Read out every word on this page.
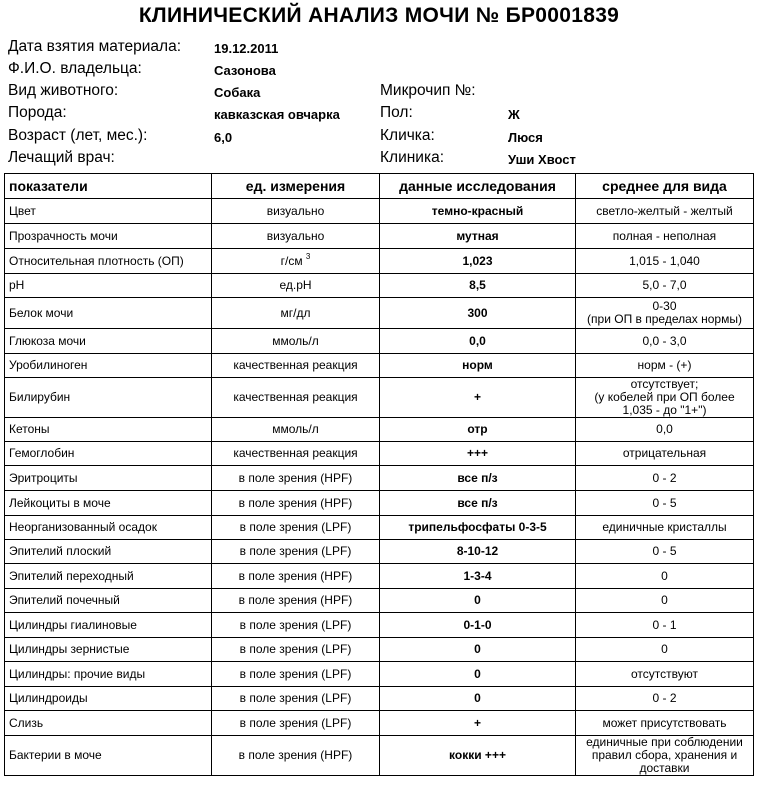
КЛИНИЧЕСКИЙ АНАЛИЗ МОЧИ № БР0001839
Дата взятия материала:	19.12.2011
Ф.И.О. владельца:	Сазонова
Вид животного:	Собака
Порода:	кавказская овчарка
Возраст (лет, мес.):	6,0
Лечащий врач:
Микрочип №:
Пол:	Ж
Кличка:	Люся
Клиника:	Уши Хвост
показатели	ед. измерения	данные исследования	среднее для вида
Цвет	визуально	темно-красный	светло-желтый - желтый
Прозрачность мочи	визуально	мутная	полная - неполная
Относительная плотность (ОП)	г/см $^3$	1,023	1,015 - 1,040
pH	ед.pH	8,5	5,0 - 7,0
Белок мочи	мг/дл	300	0-30
(при ОП в пределах нормы)

Глюкоза мочи	ммоль/л	0,0	0,0 - 3,0
Уробилиноген	качественная реакция	норм	норм - (+)
Билирубин	качественная реакция	+	отсутствует;
(у кобелей при ОП более
1,035 - до "1+")

Кетоны	ммоль/л	отр	0,0
Гемоглобин	качественная реакция	+++	отрицательная
Эритроциты	в поле зрения (HPF)	все п/з	0 - 2
Лейкоциты в моче	в поле зрения (HPF)	все п/з	0 - 5
Неорганизованный осадок	в поле зрения (LPF)	трипельфосфаты 0-3-5	единичные кристаллы
Эпителий плоский	в поле зрения (LPF)	8-10-12	0 - 5
Эпителий переходный	в поле зрения (HPF)	1-3-4	0
Эпителий почечный	в поле зрения (HPF)	0	0
Цилиндры гиалиновые	в поле зрения (LPF)	0-1-0	0 - 1
Цилиндры зернистые	в поле зрения (LPF)	0	0
Цилиндры: прочие виды	в поле зрения (LPF)	0	отсутствуют
Цилиндроиды	в поле зрения (LPF)	0	0 - 2
Слизь	в поле зрения (LPF)	+	может присутствовать
Бактерии в моче	в поле зрения (HPF)	кокки +++	единичные при соблюдении
правил сбора, хранения и
доставки
